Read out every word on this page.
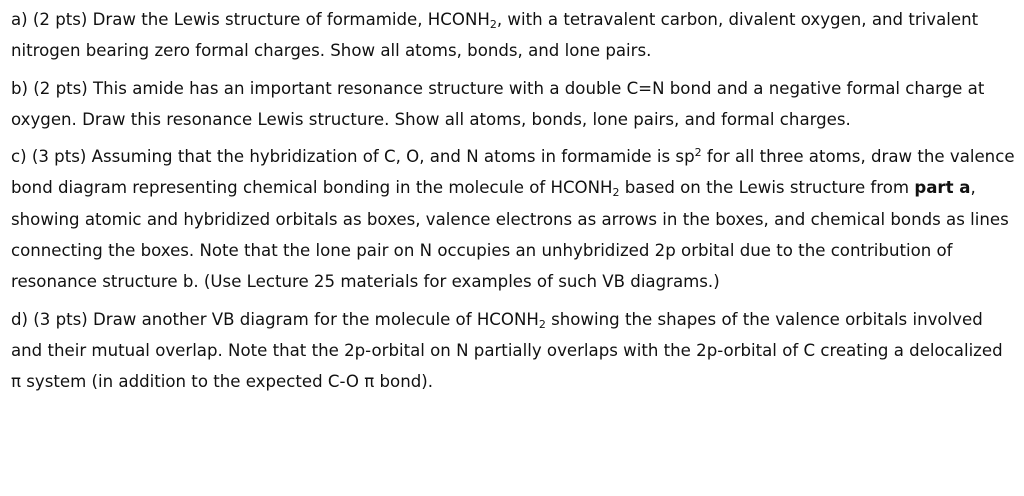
a) (2 pts) Draw the Lewis structure of formamide, $HCONH_2$, with a tetravalent carbon, divalent oxygen, and trivalent nitrogen bearing zero formal charges. Show all atoms, bonds, and lone pairs.

b) (2 pts) This amide has an important resonance structure with a double C=N bond and a negative formal charge at oxygen. Draw this resonance Lewis structure. Show all atoms, bonds, lone pairs, and formal charges.

c) (3 pts) Assuming that the hybridization of C, O, and N atoms in formamide is $sp^2$ for all three atoms, draw the valence bond diagram representing chemical bonding in the molecule of $HCONH_2$ based on the Lewis structure from part a, showing atomic and hybridized orbitals as boxes, valence electrons as arrows in the boxes, and chemical bonds as lines connecting the boxes. Note that the lone pair on N occupies an unhybridized 2p orbital due to the contribution of resonance structure b. (Use Lecture 25 materials for examples of such VB diagrams.)

d) (3 pts) Draw another VB diagram for the molecule of $HCONH_2$ showing the shapes of the valence orbitals involved and their mutual overlap. Note that the 2p-orbital on N partially overlaps with the 2p-orbital of C creating a delocalized π system (in addition to the expected C-O π bond).
